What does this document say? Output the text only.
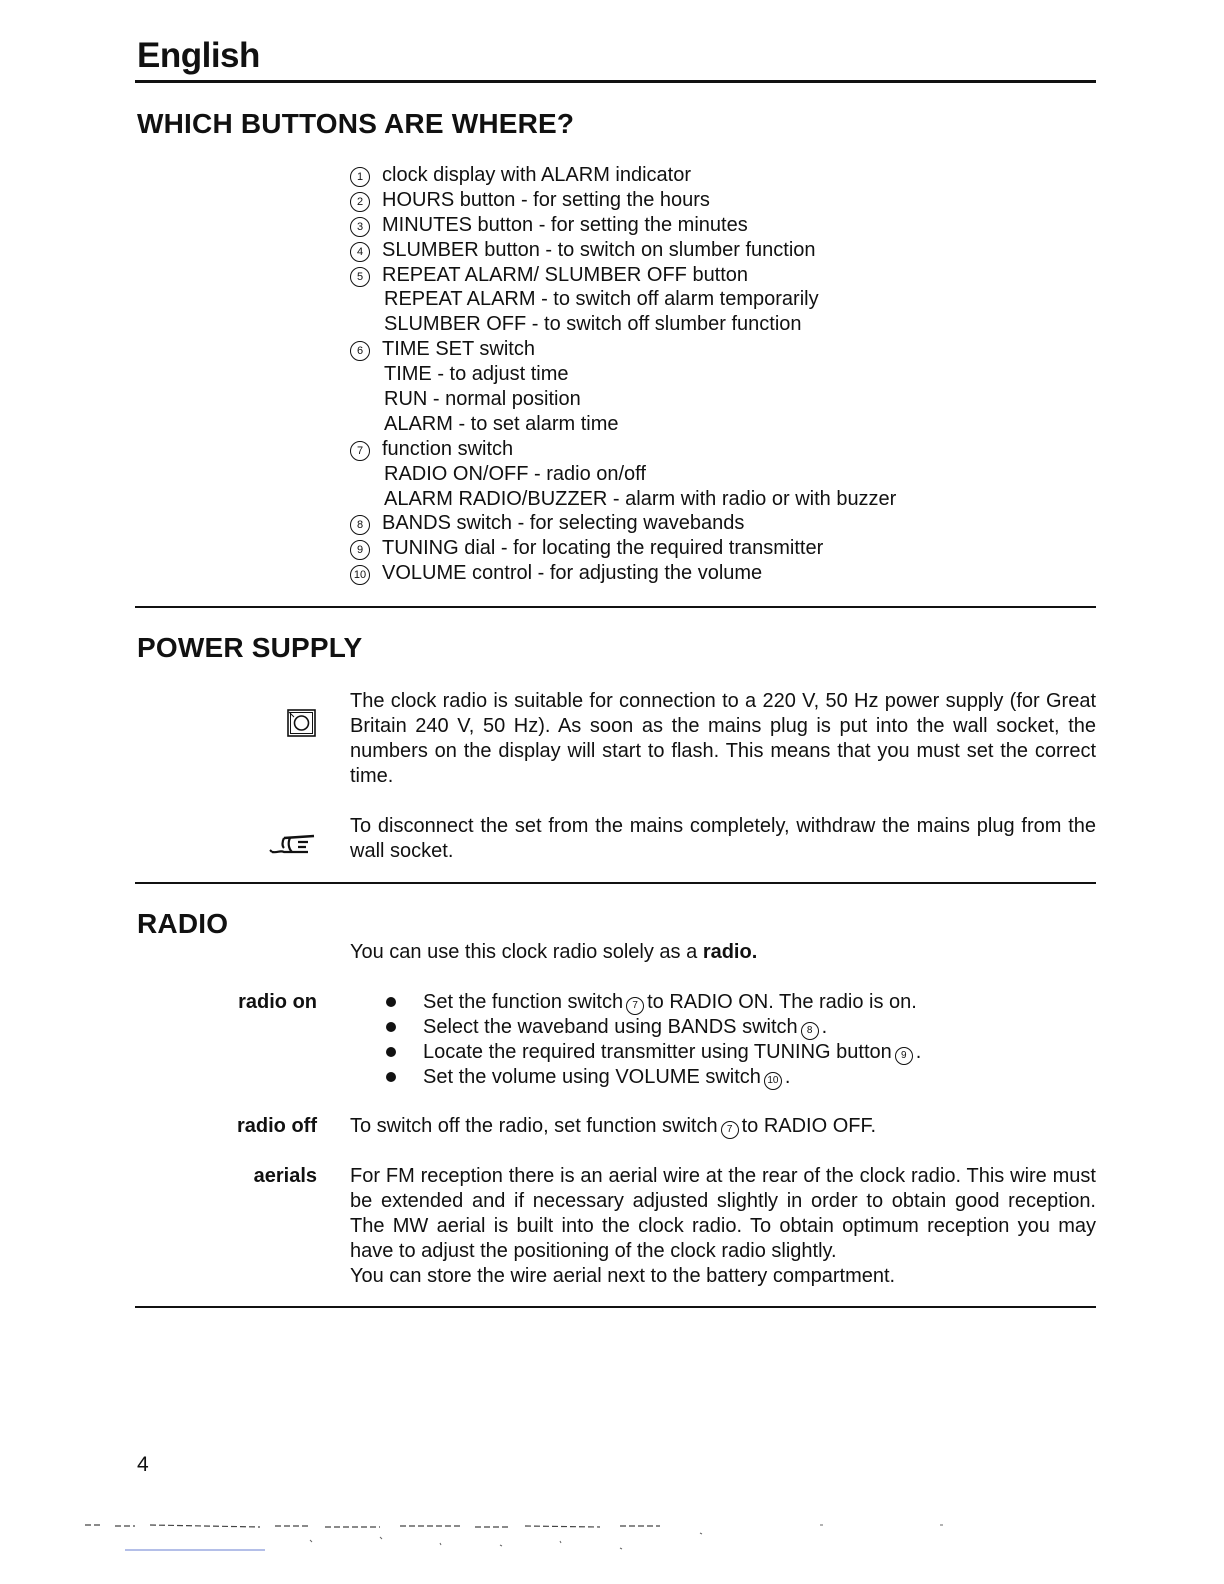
English
WHICH BUTTONS ARE WHERE?
1 clock display with ALARM indicator
2 HOURS button - for setting the hours
3 MINUTES button - for setting the minutes
4 SLUMBER button - to switch on slumber function
5 REPEAT ALARM/ SLUMBER OFF button
REPEAT ALARM - to switch off alarm temporarily
SLUMBER OFF - to switch off slumber function
6 TIME SET switch
TIME - to adjust time
RUN - normal position
ALARM - to set alarm time
7 function switch
RADIO ON/OFF - radio on/off
ALARM RADIO/BUZZER - alarm with radio or with buzzer
8 BANDS switch - for selecting wavebands
9 TUNING dial - for locating the required transmitter
10 VOLUME control - for adjusting the volume
POWER SUPPLY
The clock radio is suitable for connection to a 220 V, 50 Hz power supply (for Great Britain 240 V, 50 Hz). As soon as the mains plug is put into the wall socket, the numbers on the display will start to flash. This means that you must set the correct time.
To disconnect the set from the mains completely, withdraw the mains plug from the wall socket.
RADIO
You can use this clock radio solely as a radio.
radio on	Set the function switch 7 to RADIO ON. The radio is on.
Select the waveband using BANDS switch 8 .
Locate the required transmitter using TUNING button 9 .
Set the volume using VOLUME switch 10 .
radio off To switch off the radio, set function switch 7 to RADIO OFF.
aerials For FM reception there is an aerial wire at the rear of the clock radio. This wire must be extended and if necessary adjusted slightly in order to obtain good reception. The MW aerial is built into the clock radio. To obtain optimum reception you may have to adjust the positioning of the clock radio slightly.
You can store the wire aerial next to the battery compartment.
4
